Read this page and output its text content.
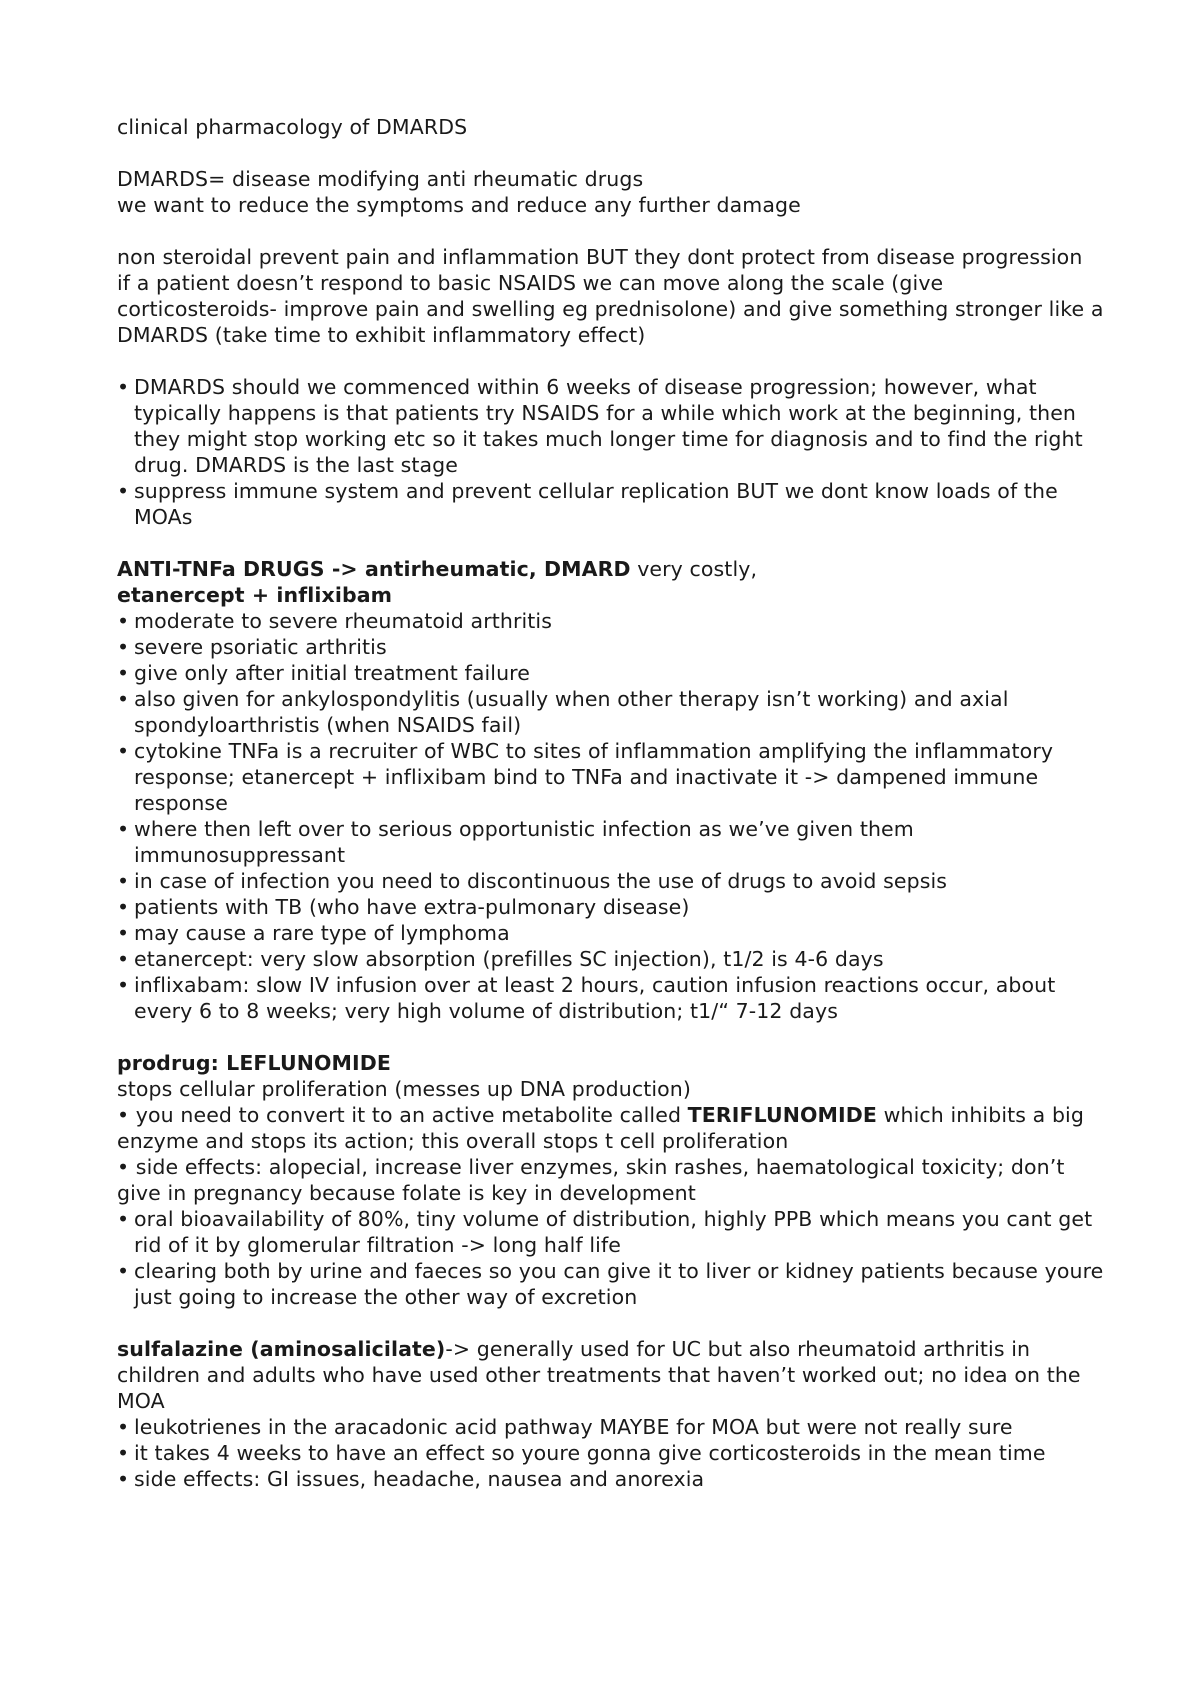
clinical pharmacology of DMARDS

DMARDS= disease modifying anti rheumatic drugs

we want to reduce the symptoms and reduce any further damage

non steroidal prevent pain and inflammation BUT they dont protect from disease progression

if a patient doesn’t respond to basic NSAIDS we can move along the scale (give corticosteroids- improve pain and swelling eg prednisolone) and give something stronger like a DMARDS (take time to exhibit inflammatory effect)

• DMARDS should we commenced within 6 weeks of disease progression; however, what typically happens is that patients try NSAIDS for a while which work at the beginning, then they might stop working etc so it takes much longer time for diagnosis and to find the right drug. DMARDS is the last stage
• suppress immune system and prevent cellular replication BUT we dont know loads of the MOAs

ANTI-TNFa DRUGS -> antirheumatic, DMARD very costly,

etanercept + inflixibam

• moderate to severe rheumatoid arthritis
• severe psoriatic arthritis
• give only after initial treatment failure
• also given for ankylospondylitis (usually when other therapy isn’t working) and axial spondyloarthristis (when NSAIDS fail)
• cytokine TNFa is a recruiter of WBC to sites of inflammation amplifying the inflammatory response; etanercept + inflixibam bind to TNFa and inactivate it -> dampened immune response
• where then left over to serious opportunistic infection as we’ve given them immunosuppressant
• in case of infection you need to discontinuous the use of drugs to avoid sepsis
• patients with TB (who have extra-pulmonary disease)
• may cause a rare type of lymphoma
• etanercept: very slow absorption (prefilles SC injection), t1/2 is 4-6 days
• inflixabam: slow IV infusion over at least 2 hours, caution infusion reactions occur, about every 6 to 8 weeks; very high volume of distribution; t1/“ 7-12 days

prodrug: LEFLUNOMIDE

stops cellular proliferation (messes up DNA production)

• you need to convert it to an active metabolite called TERIFLUNOMIDE which inhibits a big enzyme and stops its action; this overall stops t cell proliferation

• side effects: alopecial, increase liver enzymes, skin rashes, haematological toxicity; don’t give in pregnancy because folate is key in development

• oral bioavailability of 80%, tiny volume of distribution, highly PPB which means you cant get rid of it by glomerular filtration -> long half life
• clearing both by urine and faeces so you can give it to liver or kidney patients because youre just going to increase the other way of excretion

sulfalazine (aminosalicilate)-> generally used for UC but also rheumatoid arthritis in children and adults who have used other treatments that haven’t worked out; no idea on the MOA

• leukotrienes in the aracadonic acid pathway MAYBE for MOA but were not really sure
• it takes 4 weeks to have an effect so youre gonna give corticosteroids in the mean time
• side effects: GI issues, headache, nausea and anorexia
